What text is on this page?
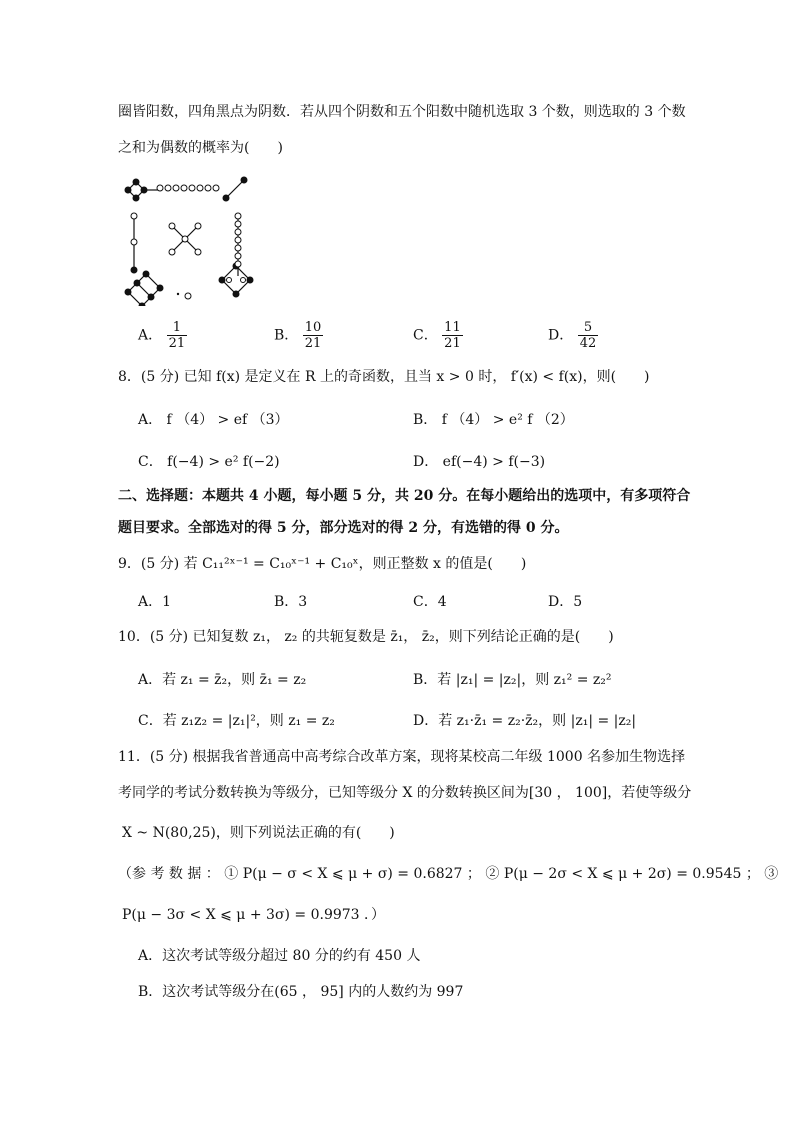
圈皆阳数，四角黑点为阴数．若从四个阴数和五个阳数中随机选取 3 个数，则选取的 3 个数
之和为偶数的概率为(　　)
A． $\frac{1}{21}$	B． $\frac{10}{21}$	C． $\frac{11}{21}$	D． $\frac{5}{42}$
8．(5 分) 已知 f(x) 是定义在 R 上的奇函数，且当 x > 0 时， f′(x) < f(x)，则(　　)
A． f （4） > ef （3）	B． f （4） > e² f （2）
C． f(−4) > e² f(−2)	D． ef(−4) > f(−3)
二、选择题：本题共 4 小题，每小题 5 分，共 20 分。在每小题给出的选项中，有多项符合
题目要求。全部选对的得 5 分，部分选对的得 2 分，有选错的得 0 分。
9．(5 分) 若 C₁₁²ˣ⁻¹ = C₁₀ˣ⁻¹ + C₁₀ˣ，则正整数 x 的值是(　　)
A．1	B．3	C．4	D．5
10．(5 分) 已知复数 z₁， z₂ 的共轭复数是 z̄₁， z̄₂，则下列结论正确的是(　　)
A．若 z₁ = z̄₂，则 z̄₁ = z₂	B．若 |z₁| = |z₂|，则 z₁² = z₂²
C．若 z₁z₂ = |z₁|²，则 z₁ = z₂	D．若 z₁·z̄₁ = z₂·z̄₂，则 |z₁| = |z₂|
11．(5 分) 根据我省普通高中高考综合改革方案，现将某校高二年级 1000 名参加生物选择
考同学的考试分数转换为等级分，已知等级分 X 的分数转换区间为[30 ， 100]，若使等级分
X ~ N(80,25)，则下列说法正确的有(　　)
（参 考 数 据 ： ① P(μ − σ < X ⩽ μ + σ) = 0.6827 ； ② P(μ − 2σ < X ⩽ μ + 2σ) = 0.9545 ； ③
P(μ − 3σ < X ⩽ μ + 3σ) = 0.9973 ．）
A．这次考试等级分超过 80 分的约有 450 人
B．这次考试等级分在(65 ， 95] 内的人数约为 997
